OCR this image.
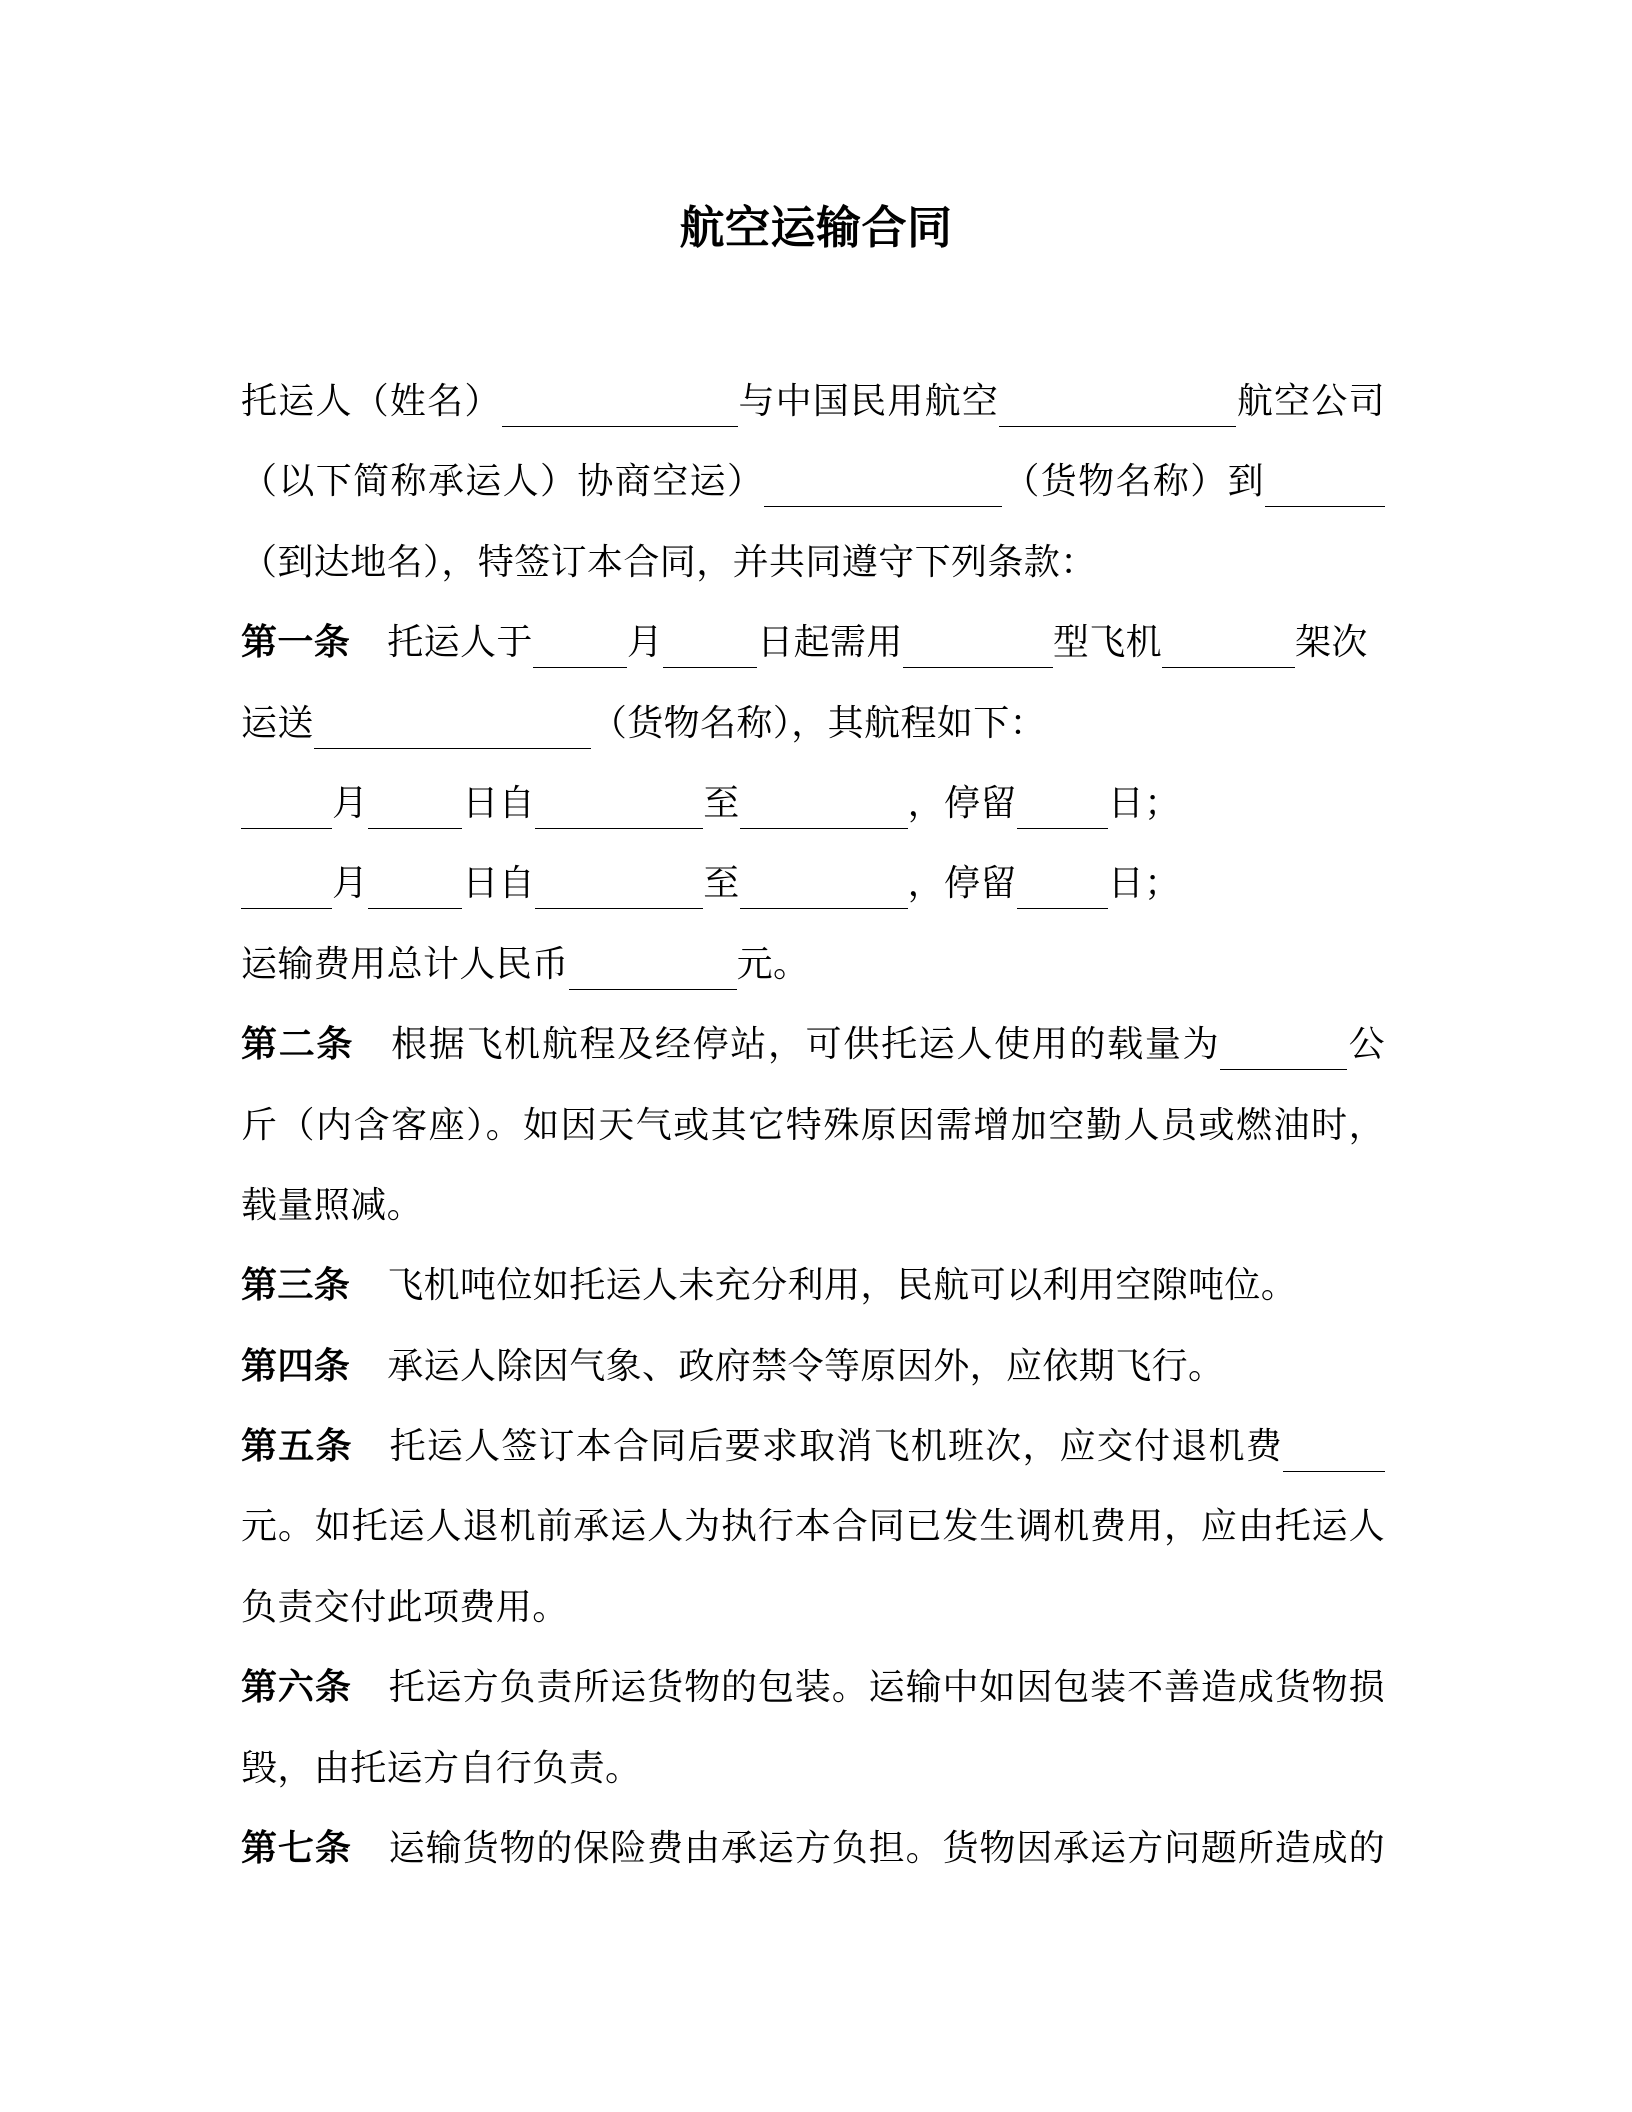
航空运输合同
托运人（姓名）	与中国民用航空	航空公司
（以下简称承运人）协商空运）	（货物名称）到
（到达地名），特签订本合同，并共同遵守下列条款：
第一条 托运人于	月	日起需用	型飞机	架次
运送	（货物名称），其航程如下：
月	日自	至	，停留	日；
月	日自	至	，停留	日；
运输费用总计人民币	元。
第二条 根据飞机航程及经停站，可供托运人使用的载量为	公
斤（内含客座）。如因天气或其它特殊原因需增加空勤人员或燃油时，
载量照减。
第三条 飞机吨位如托运人未充分利用，民航可以利用空隙吨位。
第四条 承运人除因气象、政府禁令等原因外，应依期飞行。
第五条 托运人签订本合同后要求取消飞机班次，应交付退机费
元。如托运人退机前承运人为执行本合同已发生调机费用，应由托运人
负责交付此项费用。
第六条 托运方负责所运货物的包装。运输中如因包装不善造成货物损
毁，由托运方自行负责。
第七条 运输货物的保险费由承运方负担。货物因承运方问题所造成的
